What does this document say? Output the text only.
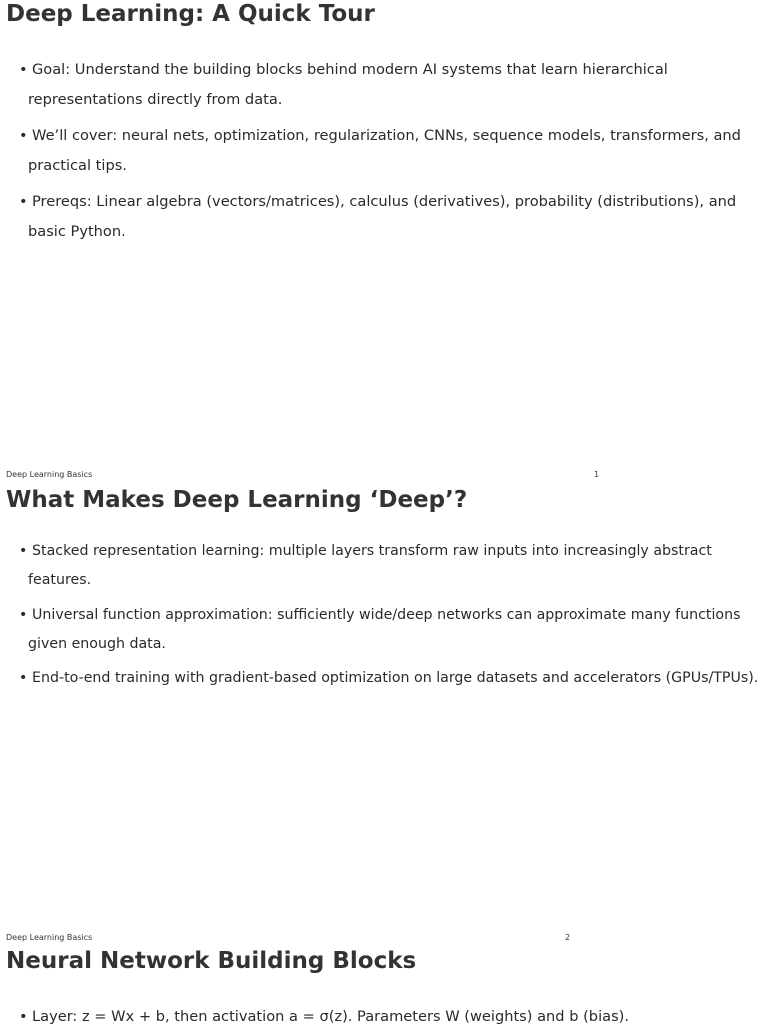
Deep Learning: A Quick Tour

• Goal: Understand the building blocks behind modern AI systems that learn hierarchical
representations directly from data.

• We’ll cover: neural nets, optimization, regularization, CNNs, sequence models, transformers, and
practical tips.

• Prereqs: Linear algebra (vectors/matrices), calculus (derivatives), probability (distributions), and
basic Python.

Deep Learning Basics	1
What Makes Deep Learning ‘Deep’?

• Stacked representation learning: multiple layers transform raw inputs into increasingly abstract
features.

• Universal function approximation: sufficiently wide/deep networks can approximate many functions
given enough data.

• End-to-end training with gradient-based optimization on large datasets and accelerators (GPUs/TPUs).

Deep Learning Basics	2
Neural Network Building Blocks

• Layer: z = Wx + b, then activation a = σ(z). Parameters W (weights) and b (bias).
